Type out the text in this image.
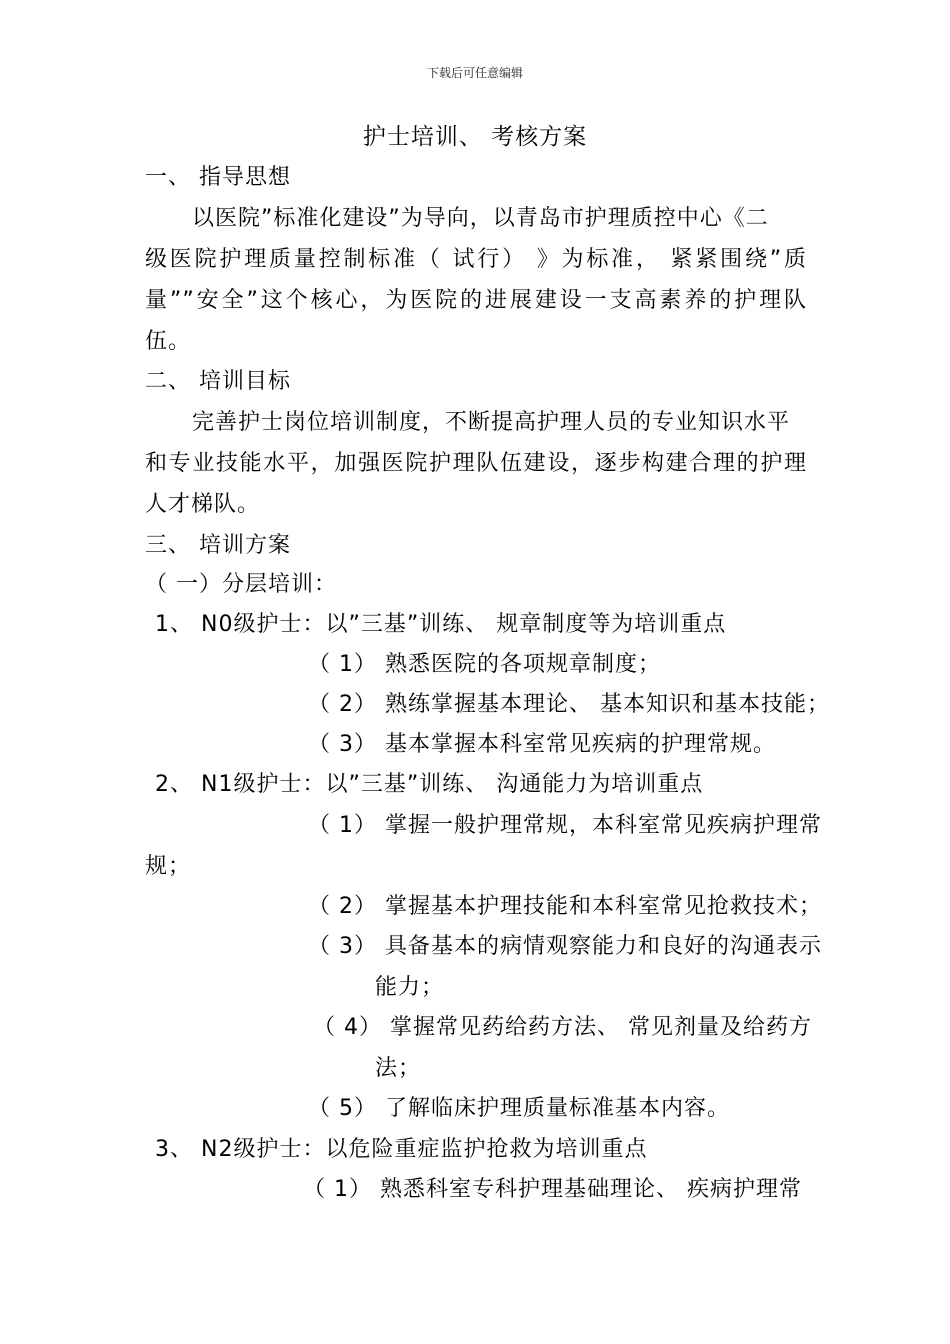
下载后可任意编辑
护士培训、 考核方案
一、 指导思想
以医院”标准化建设”为导向，以青岛市护理质控中心《二
级医院护理质量控制标准（ 试行） 》为标准， 紧紧围绕”质
量””安全”这个核心，为医院的进展建设一支高素养的护理队
伍。
二、 培训目标
完善护士岗位培训制度，不断提高护理人员的专业知识水平
和专业技能水平，加强医院护理队伍建设，逐步构建合理的护理
人才梯队。
三、 培训方案
（ 一）分层培训：
1、 N0级护士：以”三基”训练、 规章制度等为培训重点
（ 1） 熟悉医院的各项规章制度；
（ 2） 熟练掌握基本理论、 基本知识和基本技能；
（ 3） 基本掌握本科室常见疾病的护理常规。
2、 N1级护士：以”三基”训练、 沟通能力为培训重点
（ 1） 掌握一般护理常规，本科室常见疾病护理常
规；
（ 2） 掌握基本护理技能和本科室常见抢救技术；
（ 3） 具备基本的病情观察能力和良好的沟通表示
能力；
（ 4） 掌握常见药给药方法、 常见剂量及给药方
法；
（ 5） 了解临床护理质量标准基本内容。
3、 N2级护士：以危险重症监护抢救为培训重点
（ 1） 熟悉科室专科护理基础理论、 疾病护理常
